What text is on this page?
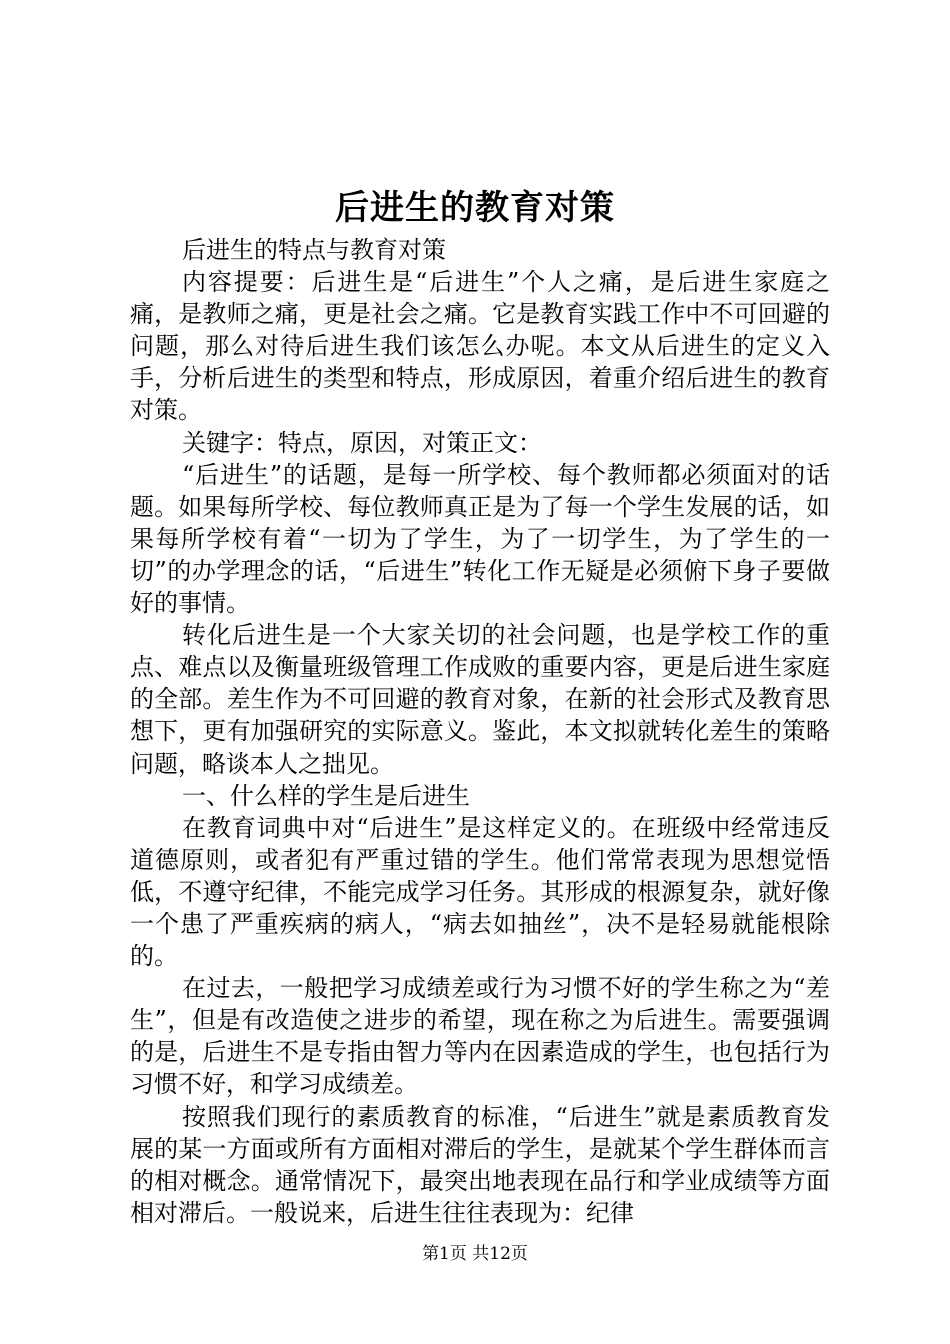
后进生的教育对策

后进生的特点与教育对策

内容提要：后进生是“后进生”个人之痛，是后进生家庭之痛，是教师之痛，更是社会之痛。它是教育实践工作中不可回避的问题，那么对待后进生我们该怎么办呢。本文从后进生的定义入手，分析后进生的类型和特点，形成原因，着重介绍后进生的教育对策。

关键字：特点，原因，对策正文：

“后进生”的话题，是每一所学校、每个教师都必须面对的话题。如果每所学校、每位教师真正是为了每一个学生发展的话，如果每所学校有着“一切为了学生，为了一切学生，为了学生的一切”的办学理念的话，“后进生”转化工作无疑是必须俯下身子要做好的事情。

转化后进生是一个大家关切的社会问题，也是学校工作的重点、难点以及衡量班级管理工作成败的重要内容，更是后进生家庭的全部。差生作为不可回避的教育对象，在新的社会形式及教育思想下，更有加强研究的实际意义。鉴此，本文拟就转化差生的策略问题，略谈本人之拙见。

一、什么样的学生是后进生

在教育词典中对“后进生”是这样定义的。在班级中经常违反道德原则，或者犯有严重过错的学生。他们常常表现为思想觉悟低，不遵守纪律，不能完成学习任务。其形成的根源复杂，就好像一个患了严重疾病的病人，“病去如抽丝”，决不是轻易就能根除的。

在过去，一般把学习成绩差或行为习惯不好的学生称之为“差生”，但是有改造使之进步的希望，现在称之为后进生。需要强调的是，后进生不是专指由智力等内在因素造成的学生，也包括行为习惯不好，和学习成绩差。

按照我们现行的素质教育的标准，“后进生”就是素质教育发展的某一方面或所有方面相对滞后的学生，是就某个学生群体而言的相对概念。通常情况下，最突出地表现在品行和学业成绩等方面相对滞后。一般说来，后进生往往表现为：纪律

第1页 共12页
